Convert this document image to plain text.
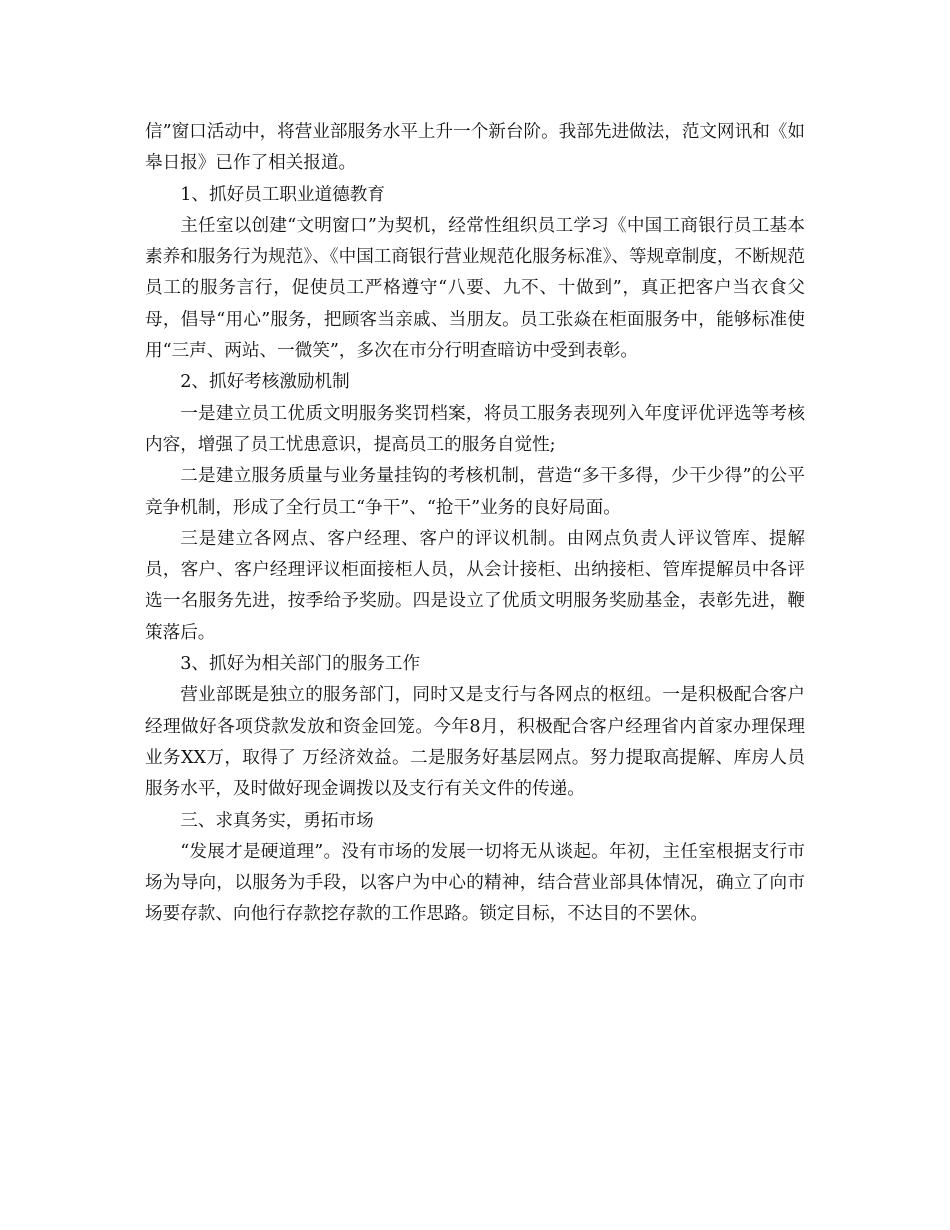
信”窗口活动中，将营业部服务水平上升一个新台阶。我部先进做法，范文网讯和《如皋日报》已作了相关报道。

1、抓好员工职业道德教育

主任室以创建“文明窗口”为契机，经常性组织员工学习《中国工商银行员工基本素养和服务行为规范》、《中国工商银行营业规范化服务标准》、等规章制度，不断规范员工的服务言行，促使员工严格遵守“八要、九不、十做到”，真正把客户当衣食父母，倡导“用心”服务，把顾客当亲戚、当朋友。员工张焱在柜面服务中，能够标准使用“三声、两站、一微笑”，多次在市分行明查暗访中受到表彰。

2、抓好考核激励机制

一是建立员工优质文明服务奖罚档案，将员工服务表现列入年度评优评选等考核内容，增强了员工忧患意识，提高员工的服务自觉性;

二是建立服务质量与业务量挂钩的考核机制，营造“多干多得，少干少得”的公平竞争机制，形成了全行员工“争干”、“抢干”业务的良好局面。

三是建立各网点、客户经理、客户的评议机制。由网点负责人评议管库、提解员，客户、客户经理评议柜面接柜人员，从会计接柜、出纳接柜、管库提解员中各评选一名服务先进，按季给予奖励。四是设立了优质文明服务奖励基金，表彰先进，鞭策落后。

3、抓好为相关部门的服务工作

营业部既是独立的服务部门，同时又是支行与各网点的枢纽。一是积极配合客户经理做好各项贷款发放和资金回笼。今年8月，积极配合客户经理省内首家办理保理业务XX万，取得了 万经济效益。二是服务好基层网点。努力提取高提解、库房人员服务水平，及时做好现金调拨以及支行有关文件的传递。

三、求真务实，勇拓市场

“发展才是硬道理”。没有市场的发展一切将无从谈起。年初，主任室根据支行市场为导向，以服务为手段，以客户为中心的精神，结合营业部具体情况，确立了向市场要存款、向他行存款挖存款的工作思路。锁定目标，不达目的不罢休。
